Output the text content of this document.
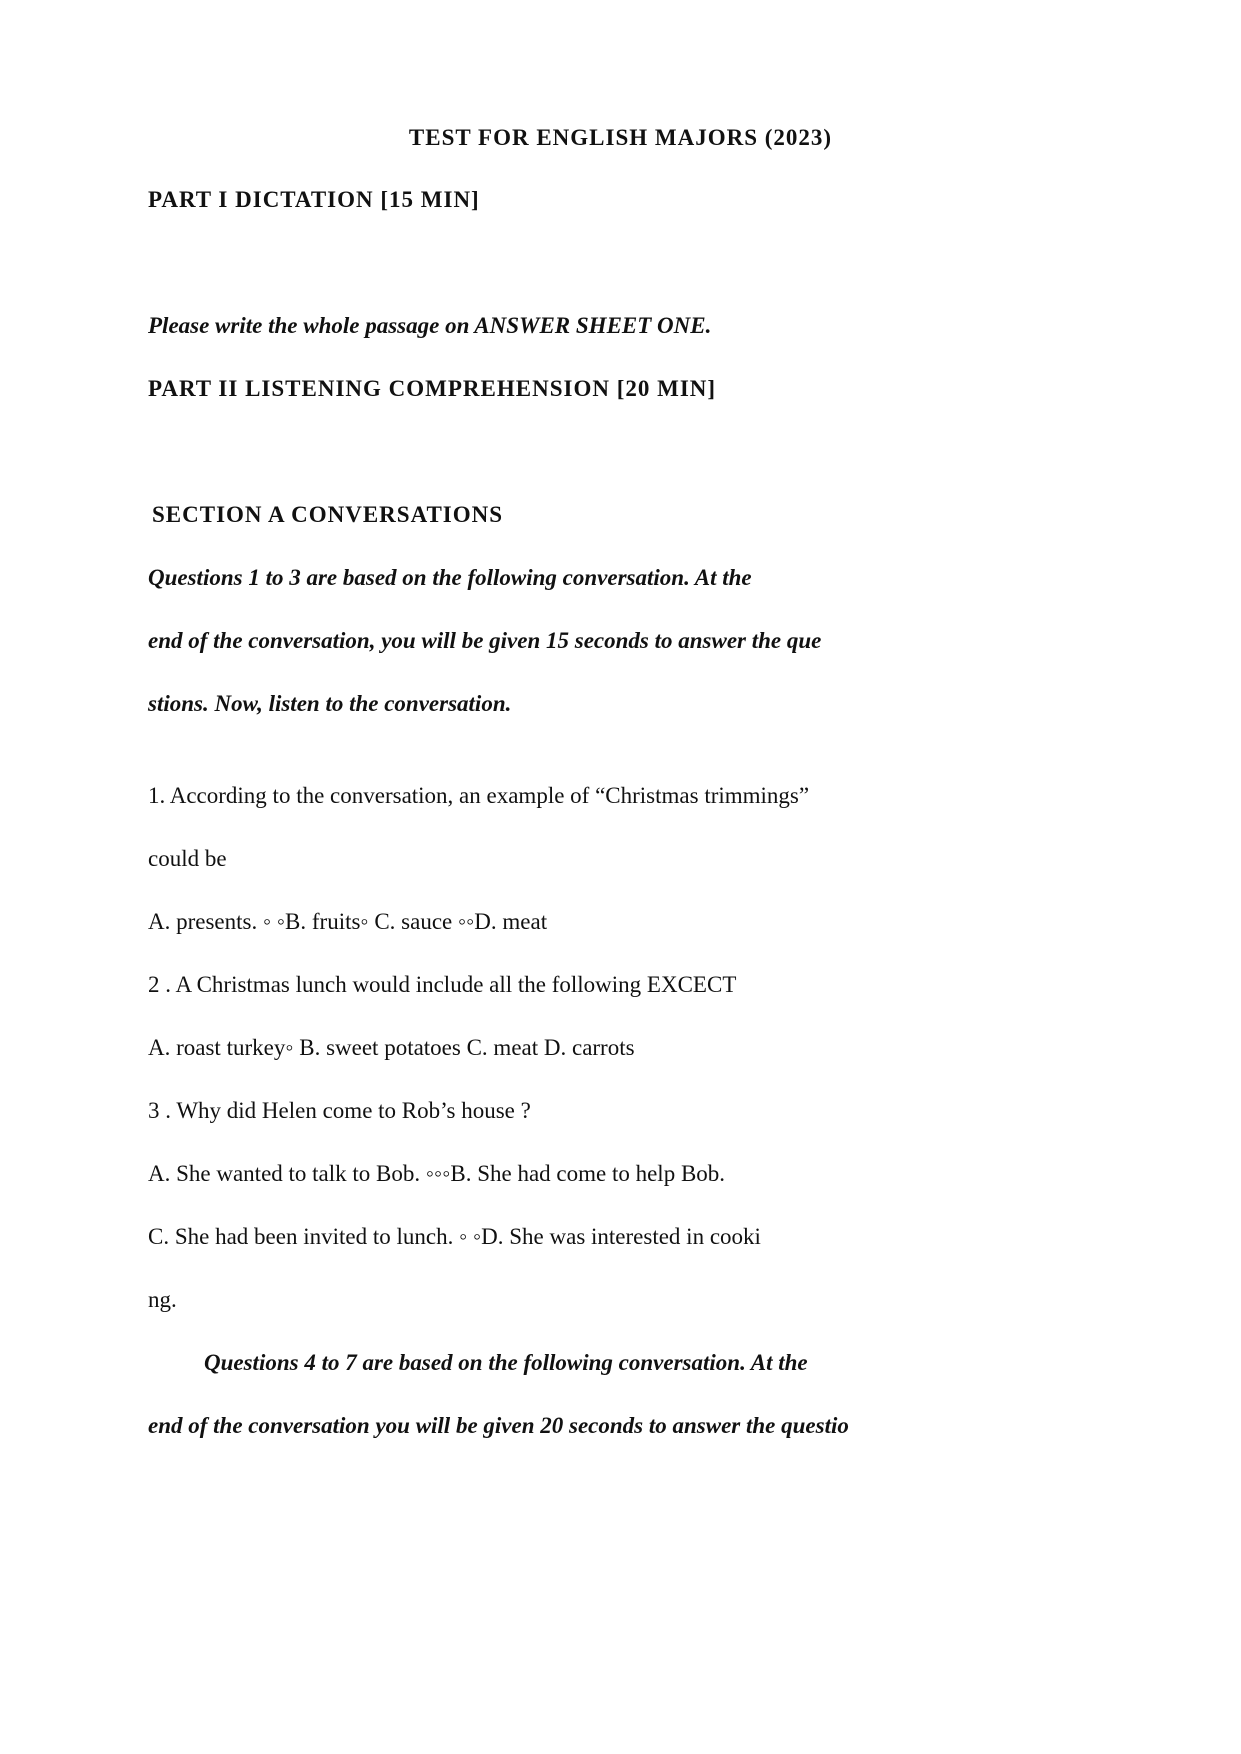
TEST FOR ENGLISH MAJORS (2023)
PART I DICTATION [15 MIN]
Please write the whole passage on ANSWER SHEET ONE.
PART II LISTENING COMPREHENSION [20 MIN]
SECTION A CONVERSATIONS
Questions 1 to 3 are based on the following conversation. At the
end of the conversation, you will be given 15 seconds to answer the que
stions. Now, listen to the conversation.
1. According to the conversation, an example of “Christmas trimmings”
could be
A. presents. ◦ ◦B. fruits◦ C. sauce ◦◦D. meat
2 . A Christmas lunch would include all the following EXCECT
A. roast turkey◦ B. sweet potatoes C. meat D. carrots
3 . Why did Helen come to Rob’s house ?
A. She wanted to talk to Bob. ◦◦◦B. She had come to help Bob.
C. She had been invited to lunch. ◦ ◦D. She was interested in cooki
ng.
Questions 4 to 7 are based on the following conversation. At the
end of the conversation you will be given 20 seconds to answer the questio
